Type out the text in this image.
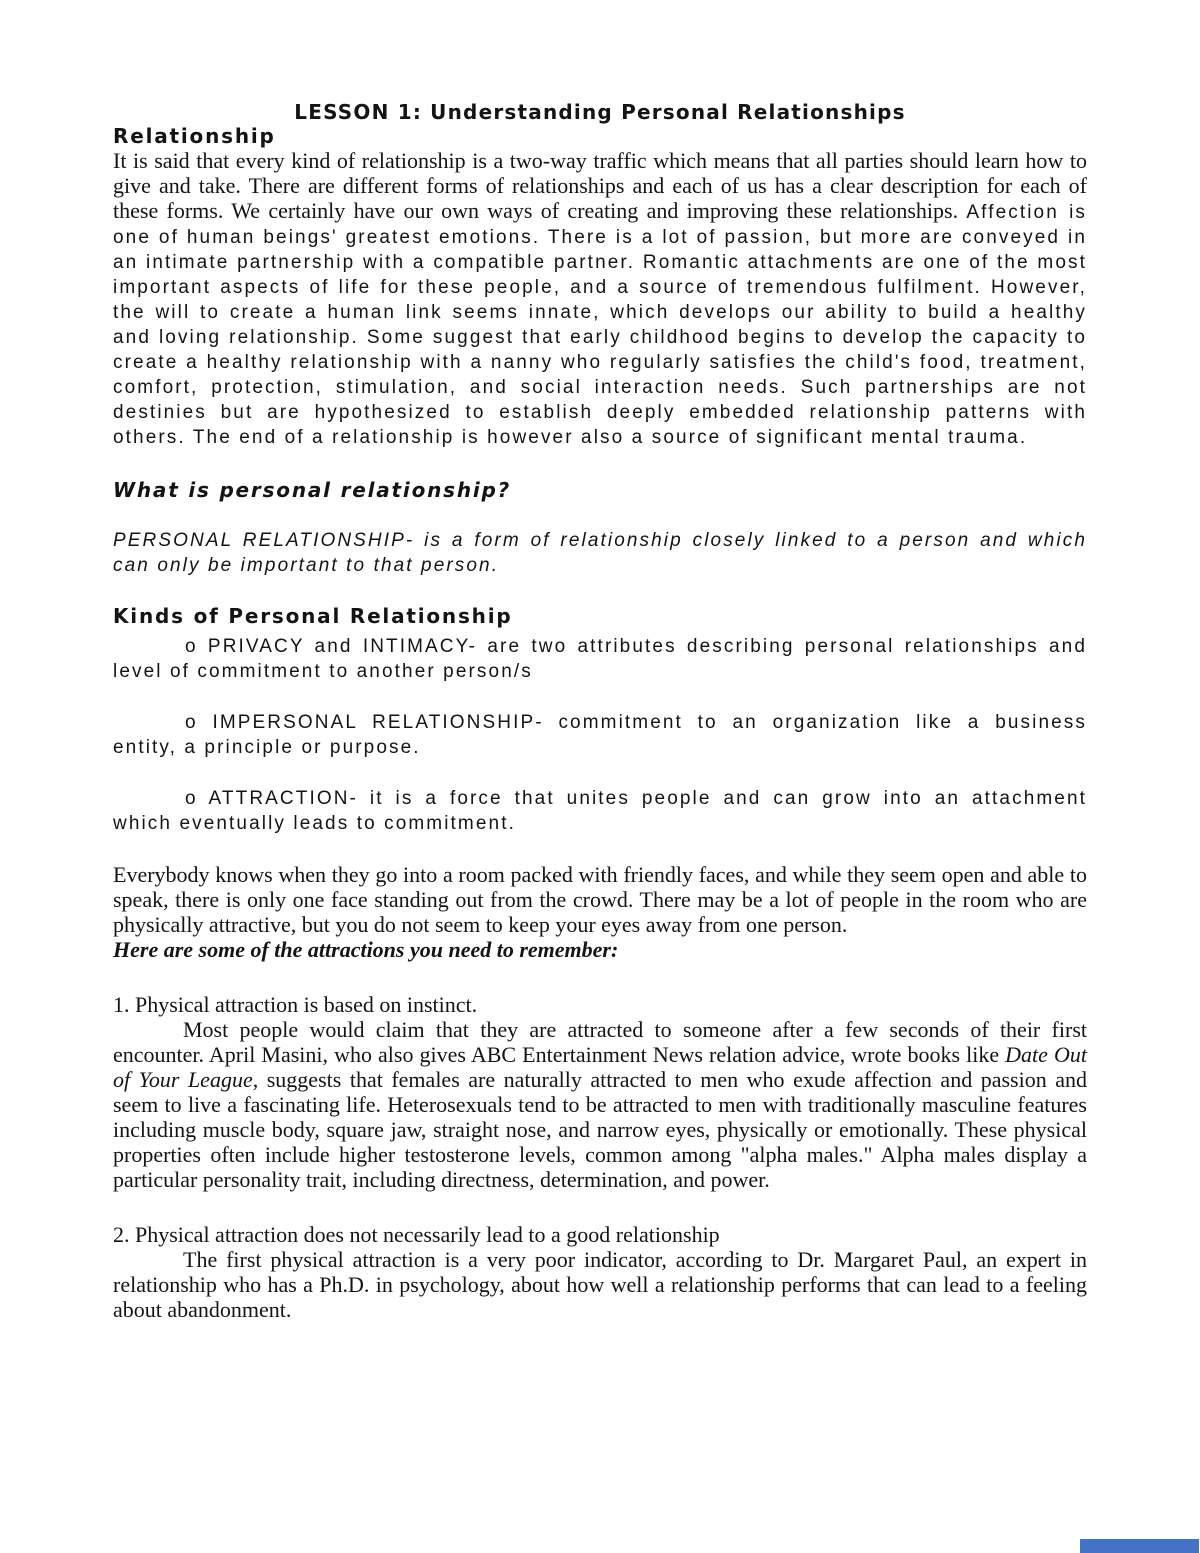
LESSON 1: Understanding Personal Relationships
Relationship

It is said that every kind of relationship is a two-way traffic which means that all parties should learn how to give and take. There are different forms of relationships and each of us has a clear description for each of these forms. We certainly have our own ways of creating and improving these relationships. Affection is one of human beings' greatest emotions. There is a lot of passion, but more are conveyed in an intimate partnership with a compatible partner. Romantic attachments are one of the most important aspects of life for these people, and a source of tremendous fulfilment. However, the will to create a human link seems innate, which develops our ability to build a healthy and loving relationship. Some suggest that early childhood begins to develop the capacity to create a healthy relationship with a nanny who regularly satisfies the child's food, treatment, comfort, protection, stimulation, and social interaction needs. Such partnerships are not destinies but are hypothesized to establish deeply embedded relationship patterns with others. The end of a relationship is however also a source of significant mental trauma.

What is personal relationship?

PERSONAL RELATIONSHIP- is a form of relationship closely linked to a person and which can only be important to that person.

Kinds of Personal Relationship

o PRIVACY and INTIMACY- are two attributes describing personal relationships and level of commitment to another person/s

o IMPERSONAL RELATIONSHIP- commitment to an organization like a business entity, a principle or purpose.

o ATTRACTION- it is a force that unites people and can grow into an attachment which eventually leads to commitment.

Everybody knows when they go into a room packed with friendly faces, and while they seem open and able to speak, there is only one face standing out from the crowd. There may be a lot of people in the room who are physically attractive, but you do not seem to keep your eyes away from one person.

Here are some of the attractions you need to remember:

1. Physical attraction is based on instinct.

Most people would claim that they are attracted to someone after a few seconds of their first encounter. April Masini, who also gives ABC Entertainment News relation advice, wrote books like Date Out of Your League, suggests that females are naturally attracted to men who exude affection and passion and seem to live a fascinating life. Heterosexuals tend to be attracted to men with traditionally masculine features including muscle body, square jaw, straight nose, and narrow eyes, physically or emotionally. These physical properties often include higher testosterone levels, common among "alpha males." Alpha males display a particular personality trait, including directness, determination, and power.

2. Physical attraction does not necessarily lead to a good relationship

The first physical attraction is a very poor indicator, according to Dr. Margaret Paul, an expert in relationship who has a Ph.D. in psychology, about how well a relationship performs that can lead to a feeling about abandonment.
